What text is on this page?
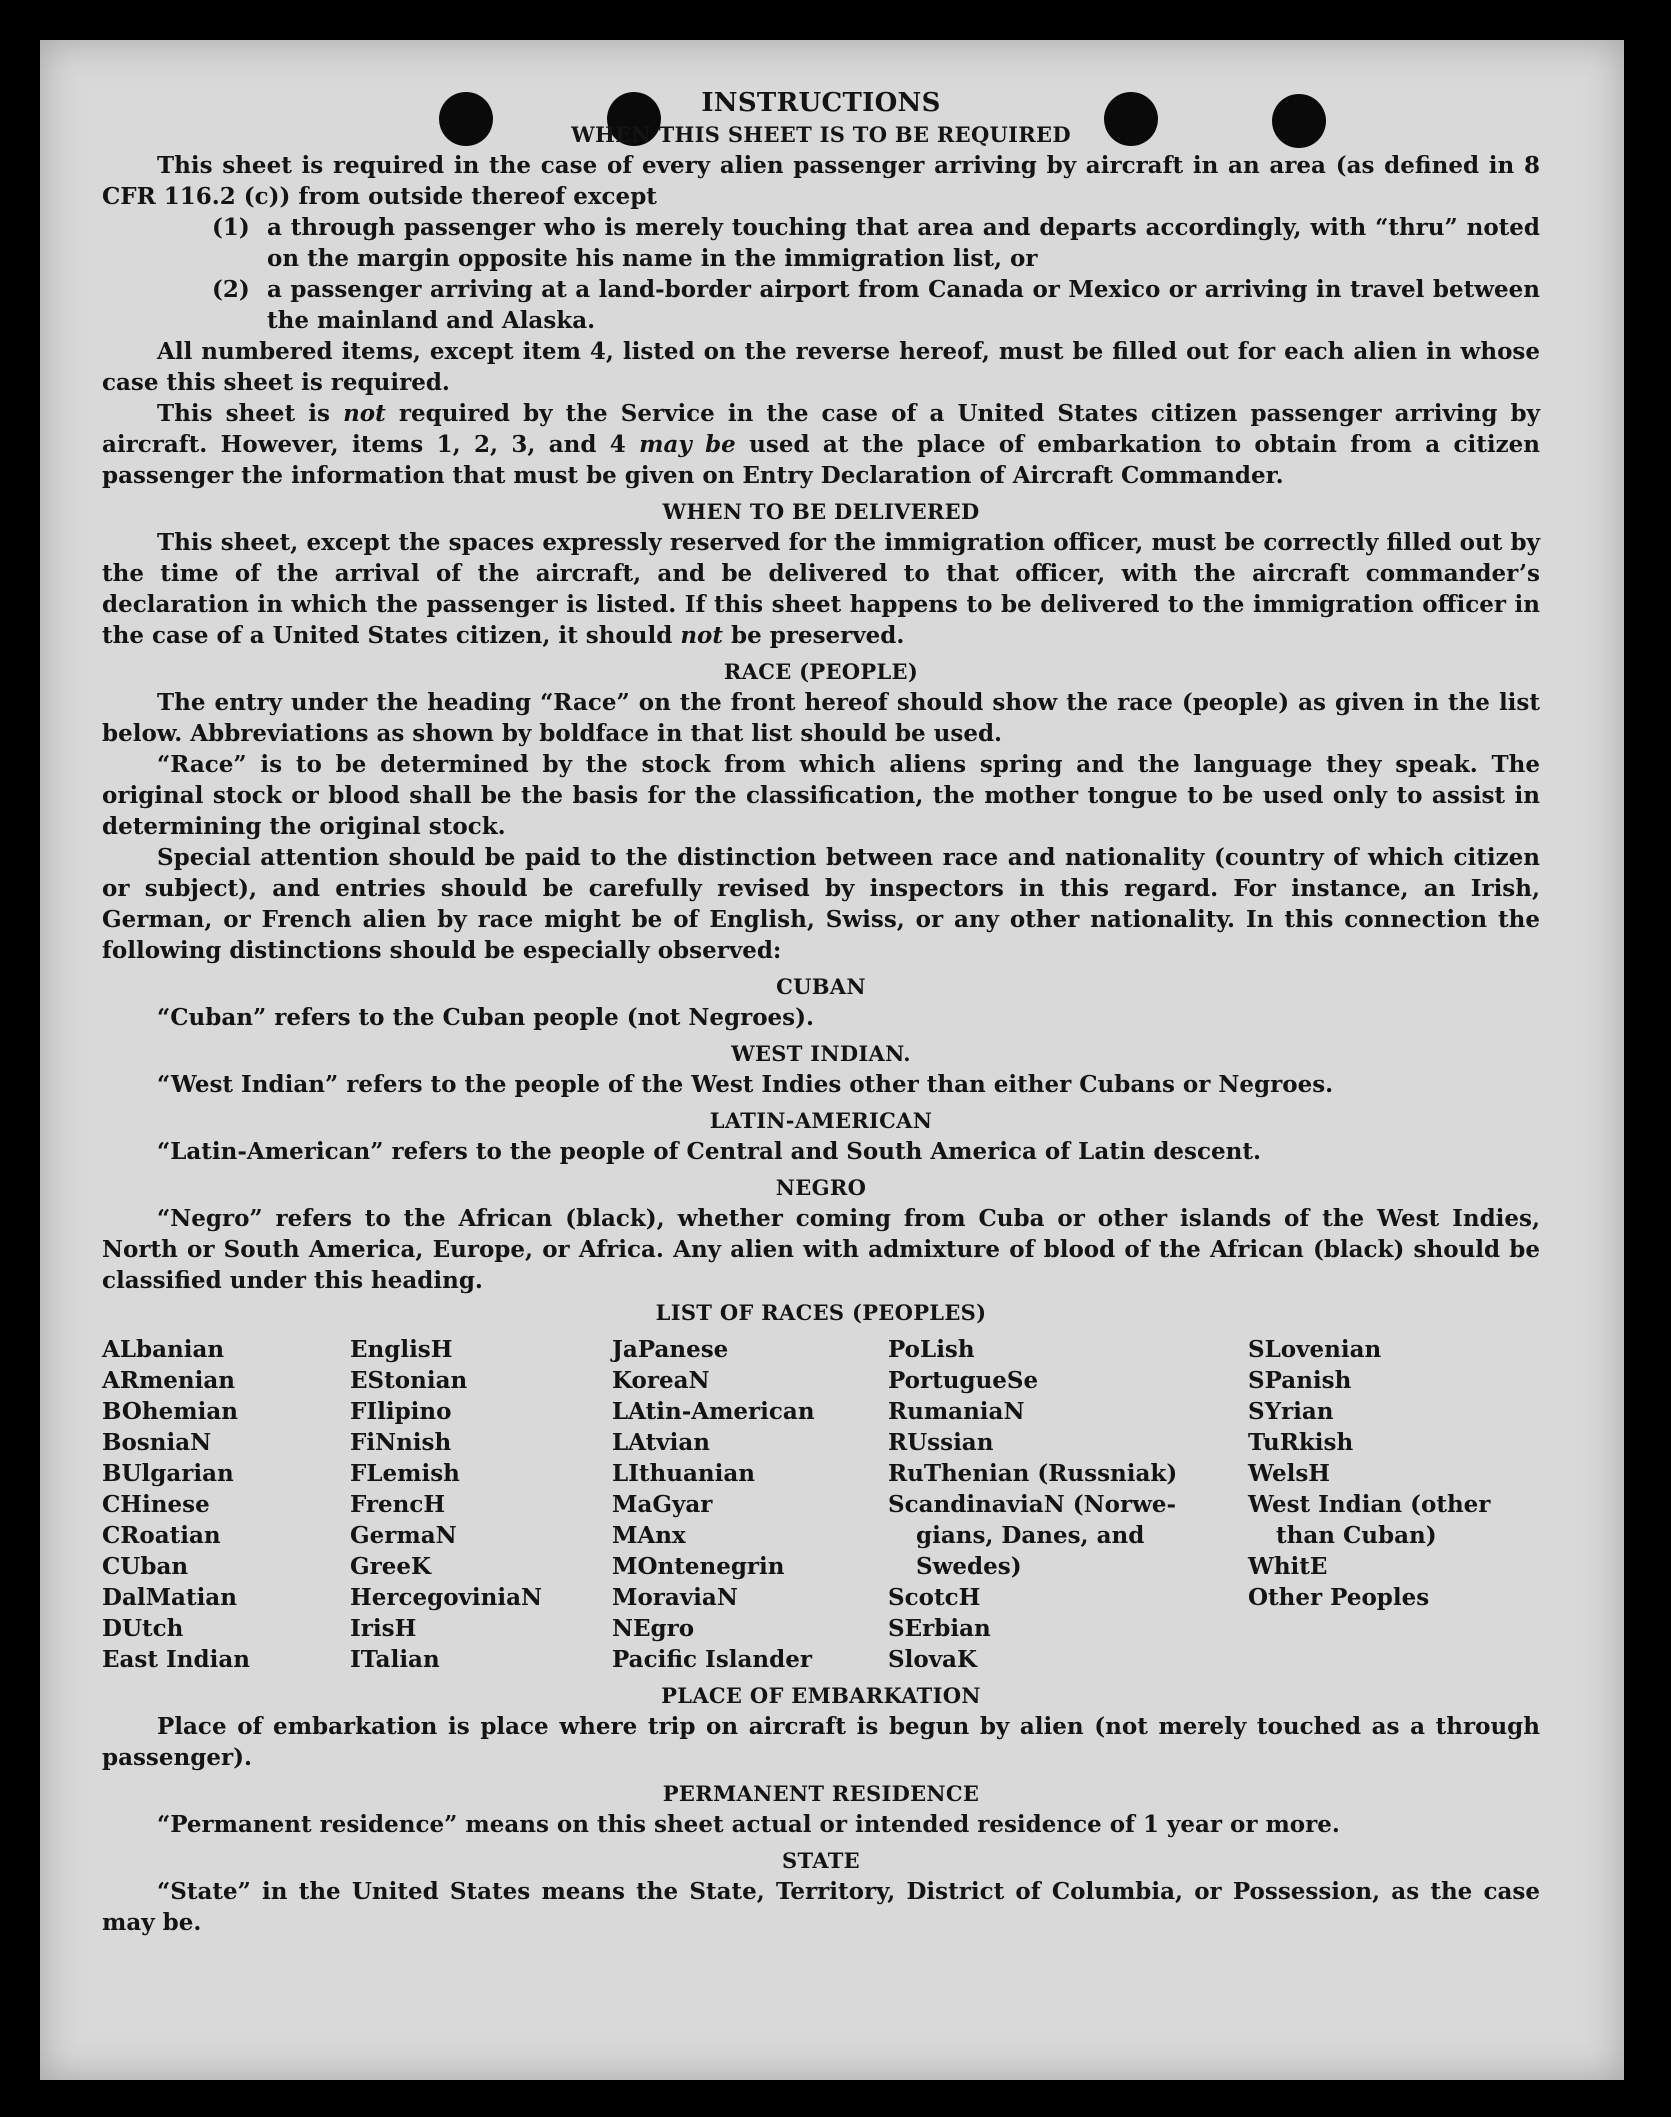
INSTRUCTIONS
WHEN THIS SHEET IS TO BE REQUIRED

This sheet is required in the case of every alien passenger arriving by aircraft in an area (as defined in 8 CFR 116.2 (c)) from outside thereof except

(1) a through passenger who is merely touching that area and departs accordingly, with “thru” noted on the margin opposite his name in the immigration list, or
(2) a passenger arriving at a land-border airport from Canada or Mexico or arriving in travel between the mainland and Alaska.

All numbered items, except item 4, listed on the reverse hereof, must be filled out for each alien in whose case this sheet is required.

This sheet is not required by the Service in the case of a United States citizen passenger arriving by aircraft. However, items 1, 2, 3, and 4 may be used at the place of embarkation to obtain from a citizen passenger the information that must be given on Entry Declaration of Aircraft Commander.

WHEN TO BE DELIVERED

This sheet, except the spaces expressly reserved for the immigration officer, must be correctly filled out by the time of the arrival of the aircraft, and be delivered to that officer, with the aircraft commander’s declaration in which the passenger is listed. If this sheet happens to be delivered to the immigration officer in the case of a United States citizen, it should not be preserved.

RACE (PEOPLE)

The entry under the heading “Race” on the front hereof should show the race (people) as given in the list below. Abbreviations as shown by boldface in that list should be used.

“Race” is to be determined by the stock from which aliens spring and the language they speak. The original stock or blood shall be the basis for the classification, the mother tongue to be used only to assist in determining the original stock.

Special attention should be paid to the distinction between race and nationality (country of which citizen or subject), and entries should be carefully revised by inspectors in this regard. For instance, an Irish, German, or French alien by race might be of English, Swiss, or any other nationality. In this connection the following distinctions should be especially observed:

CUBAN

“Cuban” refers to the Cuban people (not Negroes).

WEST INDIAN.

“West Indian” refers to the people of the West Indies other than either Cubans or Negroes.

LATIN-AMERICAN

“Latin-American” refers to the people of Central and South America of Latin descent.

NEGRO

“Negro” refers to the African (black), whether coming from Cuba or other islands of the West Indies, North or South America, Europe, or Africa. Any alien with admixture of blood of the African (black) should be classified under this heading.

LIST OF RACES (PEOPLES)
ALbanian
ARmenian
BOhemian
BosniaN
BUlgarian
CHinese
CRoatian
CUban
DalMatian
DUtch
East Indian
EnglisH
EStonian
FIlipino
FiNnish
FLemish
FrencH
GermaN
GreeK
HercegoviniaN
IrisH
ITalian
JaPanese
KoreaN
LAtin-American
LAtvian
LIthuanian
MaGyar
MAnx
MOntenegrin
MoraviaN
NEgro
Pacific Islander
PoLish
PortugueSe
RumaniaN
RUssian
RuThenian (Russniak)
ScandinaviaN (Norwe-
gians, Danes, and
Swedes)
ScotcH
SErbian
SlovaK
SLovenian
SPanish
SYrian
TuRkish
WelsH
West Indian (other
than Cuban)
WhitE
Other Peoples
PLACE OF EMBARKATION

Place of embarkation is place where trip on aircraft is begun by alien (not merely touched as a through passenger).

PERMANENT RESIDENCE

“Permanent residence” means on this sheet actual or intended residence of 1 year or more.

STATE

“State” in the United States means the State, Territory, District of Columbia, or Possession, as the case may be.
